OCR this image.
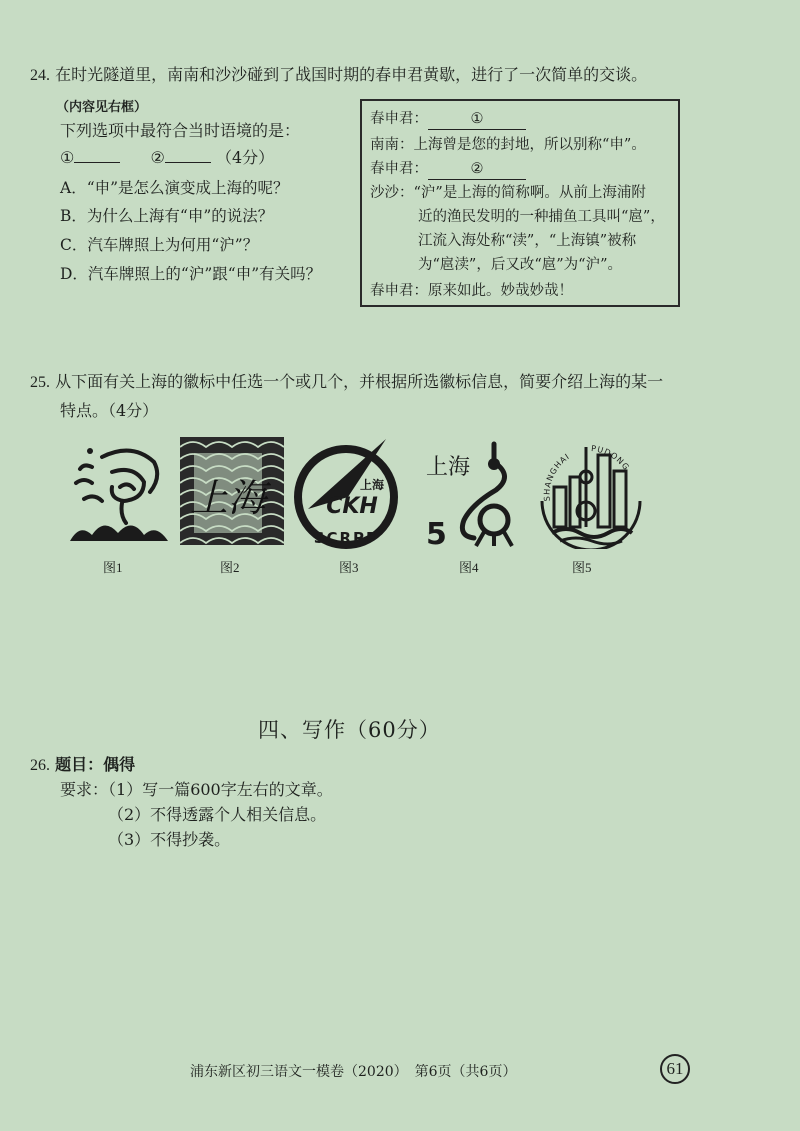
24. 在时光隧道里，南南和沙沙碰到了战国时期的春申君黄歇，进行了一次简单的交谈。
（内容见右框）
下列选项中最符合当时语境的是：
①	②	（4分）
A．“申”是怎么演变成上海的呢？
B．为什么上海有“申”的说法？
C．汽车牌照上为何用“沪”？
D．汽车牌照上的“沪”跟“申”有关吗？
春申君：	①
南南：上海曾是您的封地，所以别称“申”。
春申君：	②
沙沙：“沪”是上海的简称啊。从前上海浦附
近的渔民发明的一种捕鱼工具叫“扈”，
江流入海处称“渎”，“上海镇”被称
为“扈渎”，后又改“扈”为“沪”。
春申君：原来如此。妙哉妙哉！
25. 从下面有关上海的徽标中任选一个或几个，并根据所选徽标信息，简要介绍上海的某一
特点。（4分）
上海	上海
CKH
SCRPF
上海
5
SHANGHAI
PUDONG
图1	图2	图3	图4	图5
四、写作（60分）
26. 题目：偶得
要求：（1）写一篇600字左右的文章。
（2）不得透露个人相关信息。
（3）不得抄袭。
浦东新区初三语文一模卷（2020）　第6页（共6页）	61
